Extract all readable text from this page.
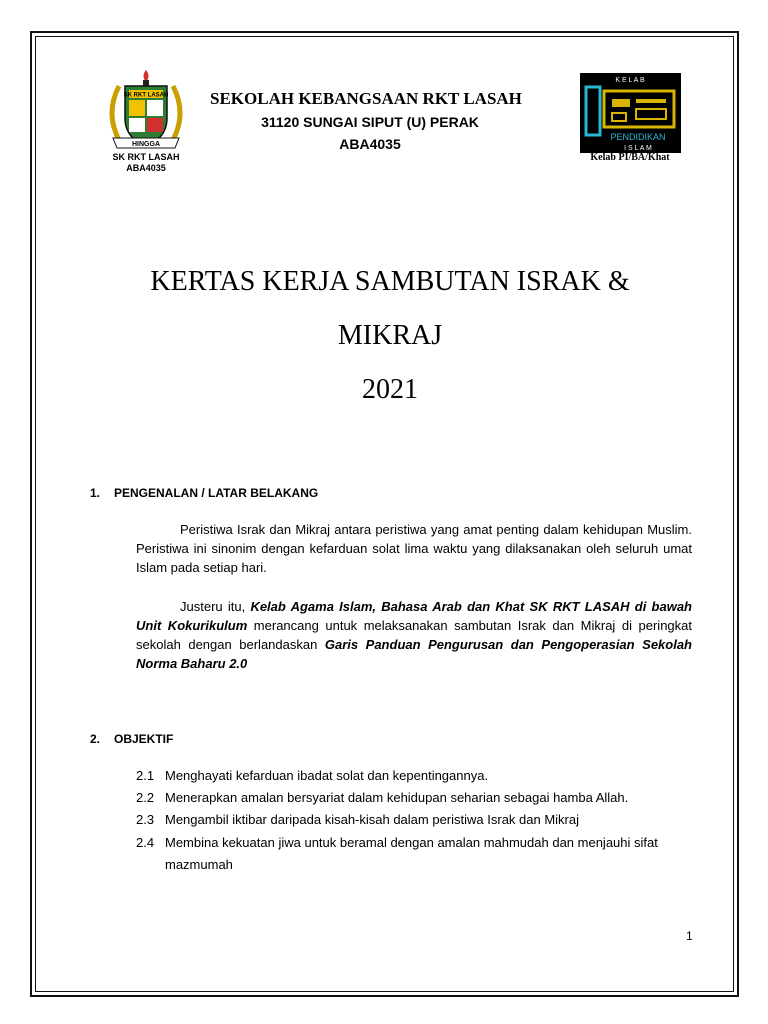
SK RKT LASAH
HINGGA
SK RKT LASAH
ABA4035
SEKOLAH KEBANGSAAN RKT LASAH
31120 SUNGAI SIPUT (U) PERAK
ABA4035
K E L A B
PENDIDIKAN
I S L A M
Kelab PI/BA/Khat
KERTAS KERJA SAMBUTAN ISRAK &
MIKRAJ
2021
1. PENGENALAN / LATAR BELAKANG
Peristiwa Israk dan Mikraj antara peristiwa yang amat penting dalam kehidupan Muslim. Peristiwa ini sinonim dengan kefarduan solat lima waktu yang dilaksanakan oleh seluruh umat Islam pada setiap hari.
Justeru itu, Kelab Agama Islam, Bahasa Arab dan Khat SK RKT LASAH di bawah Unit Kokurikulum merancang untuk melaksanakan sambutan Israk dan Mikraj di peringkat sekolah dengan berlandaskan Garis Panduan Pengurusan dan Pengoperasian Sekolah Norma Baharu 2.0
2. OBJEKTIF
2.1 Menghayati kefarduan ibadat solat dan kepentingannya.
2.2 Menerapkan amalan bersyariat dalam kehidupan seharian sebagai hamba Allah.
2.3 Mengambil iktibar daripada kisah-kisah dalam peristiwa Israk dan Mikraj
2.4 Membina kekuatan jiwa untuk beramal dengan amalan mahmudah dan menjauhi sifat mazmumah
1
